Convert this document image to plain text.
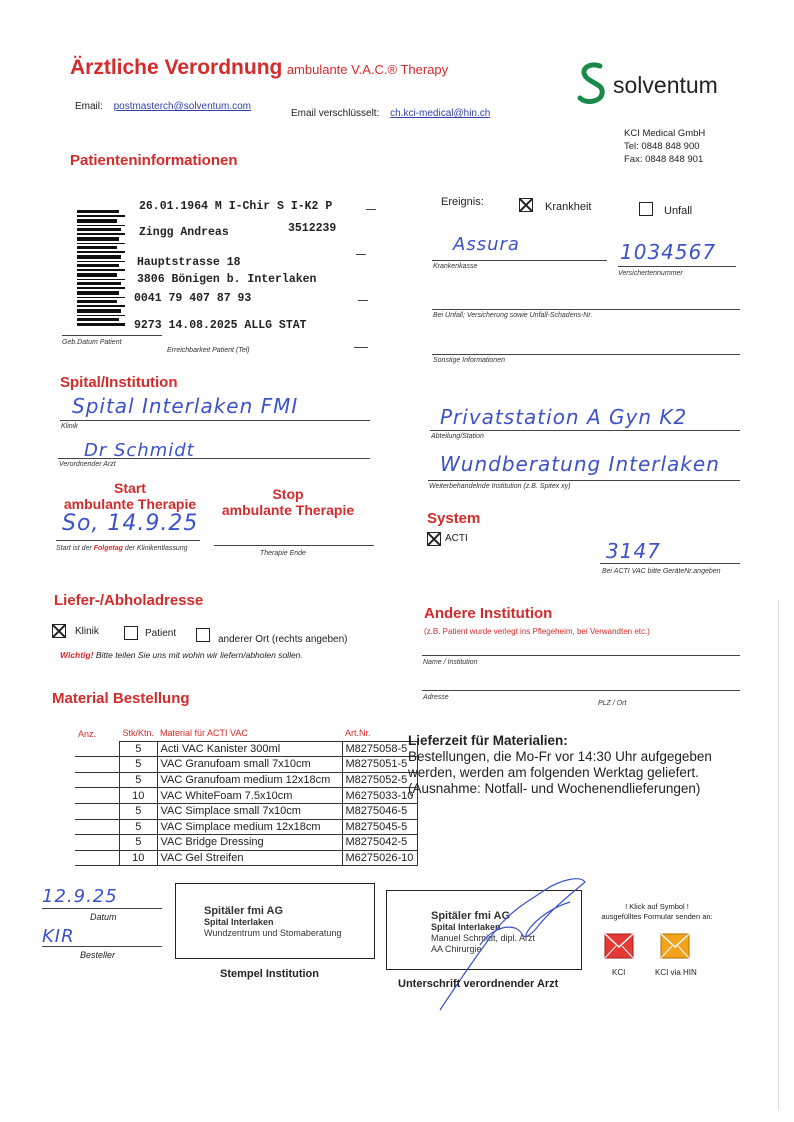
Ärztliche Verordnung ambulante V.A.C.® Therapy
Email: postmasterch@solventum.com
Email verschlüsselt: ch.kci-medical@hin.ch
solventum
KCI Medical GmbH
Tel: 0848 848 900
Fax: 0848 848 901
Patienteninformationen
26.01.1964 M I-Chir S I-K2 P
Zingg Andreas	3512239
Hauptstrasse 18
3806 Bönigen b. Interlaken
0041 79 407 87 93
9273 14.08.2025 ALLG STAT
Geb.Datum Patient
Erreichbarkeit Patient (Tel)
Ereignis:	Krankheit	Unfall
Assura	1034567
Krankenkasse
Versichertennummer
Bei Unfall; Versicherung sowie Unfall-Schadens-Nr.
Sonstige Informationen
Spital/Institution
Spital Interlaken FMI
Klinik
Dr Schmidt
Verordnender Arzt
Privatstation A Gyn K2
Abteilung/Station
Wundberatung Interlaken
Weiterbehandelnde Institution (z.B. Spitex xy)
Start
ambulante Therapie
Stop
ambulante Therapie
So, 14.9.25
Start ist der Folgetag der Klinikentlassung
Therapie Ende
System
ACTI
3147
Bei ACTI VAC bitte GeräteNr.angeben
Liefer-/Abholadresse
Klinik	Patient
anderer Ort (rechts angeben)
Wichtig! Bitte teilen Sie uns mit wohin wir liefern/abholen sollen.
Andere Institution
(z.B. Patient wurde verlegt ins Pflegeheim, bei Verwandten etc.)
Name / Institution
Adresse
PLZ / Ort
Material Bestellung
Anz.	Stk/Ktn.	Material für ACTI VAC	Art.Nr.
	5	Acti VAC Kanister 300ml	M8275058-5
	5	VAC Granufoam small 7x10cm	M8275051-5
	5	VAC Granufoam medium 12x18cm	M8275052-5
	10	VAC WhiteFoam 7.5x10cm	M6275033-10
	5	VAC Simplace small 7x10cm	M8275046-5
	5	VAC Simplace medium 12x18cm	M8275045-5
	5	VAC Bridge Dressing	M8275042-5
	10	VAC Gel Streifen	M6275026-10
Lieferzeit für Materialien:
Bestellungen, die Mo-Fr vor 14:30 Uhr aufgegeben
werden, werden am folgenden Werktag geliefert.
(Ausnahme: Notfall- und Wochenendlieferungen)
12.9.25
Datum
KIR
Besteller
Spitäler fmi AG
Spital Interlaken
Wundzentrum und Stomaberatung
Stempel Institution
Spitäler fmi AG
Spital Interlaken
Manuel Schmidt, dipl. Arzt
AA Chirurgie
Unterschrift verordnender Arzt
! Klick auf Symbol !
ausgefülltes Formular senden an:
KCI	KCI via HIN
